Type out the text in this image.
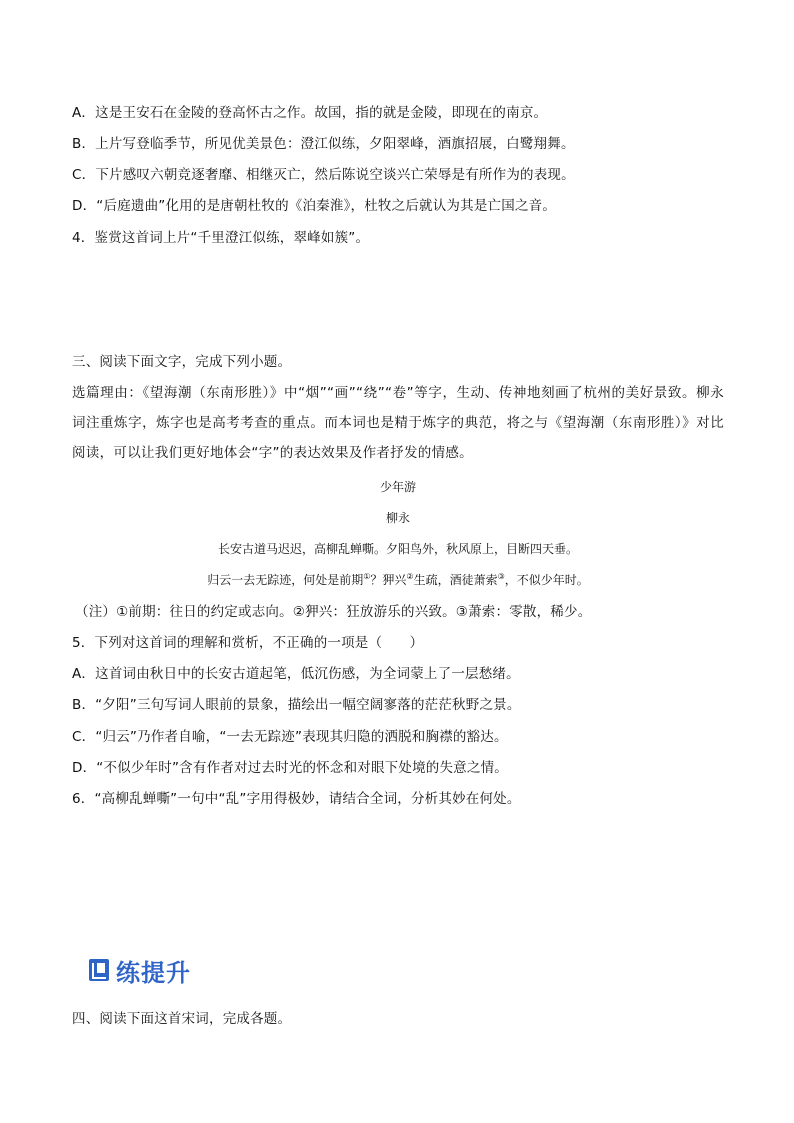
A．这是王安石在金陵的登高怀古之作。故国，指的就是金陵，即现在的南京。
B．上片写登临季节，所见优美景色：澄江似练，夕阳翠峰，酒旗招展，白鹭翔舞。
C．下片感叹六朝竞逐奢靡、相继灭亡，然后陈说空谈兴亡荣辱是有所作为的表现。
D．“后庭遗曲”化用的是唐朝杜牧的《泊秦淮》，杜牧之后就认为其是亡国之音。
4．鉴赏这首词上片“千里澄江似练，翠峰如簇”。
三、阅读下面文字，完成下列小题。
选篇理由：《望海潮（东南形胜）》中“烟”“画”“绕”“卷”等字，生动、传神地刻画了杭州的美好景致。柳永词注重炼字，炼字也是高考考查的重点。而本词也是精于炼字的典范，将之与《望海潮（东南形胜）》对比阅读，可以让我们更好地体会“字”的表达效果及作者抒发的情感。
少年游
柳永
长安古道马迟迟，高柳乱蝉嘶。夕阳鸟外，秋风原上，目断四天垂。
归云一去无踪迹，何处是前期①？狎兴②生疏，酒徒萧索③，不似少年时。
（注）①前期：往日的约定或志向。②狎兴：狂放游乐的兴致。③萧索：零散，稀少。
5．下列对这首词的理解和赏析，不正确的一项是（　　）
A．这首词由秋日中的长安古道起笔，低沉伤感，为全词蒙上了一层愁绪。
B．“夕阳”三句写词人眼前的景象，描绘出一幅空阔寥落的茫茫秋野之景。
C．“归云”乃作者自喻，“一去无踪迹”表现其归隐的洒脱和胸襟的豁达。
D．“不似少年时”含有作者对过去时光的怀念和对眼下处境的失意之情。
6．“高柳乱蝉嘶”一句中“乱”字用得极妙，请结合全词，分析其妙在何处。
练提升
四、阅读下面这首宋词，完成各题。
